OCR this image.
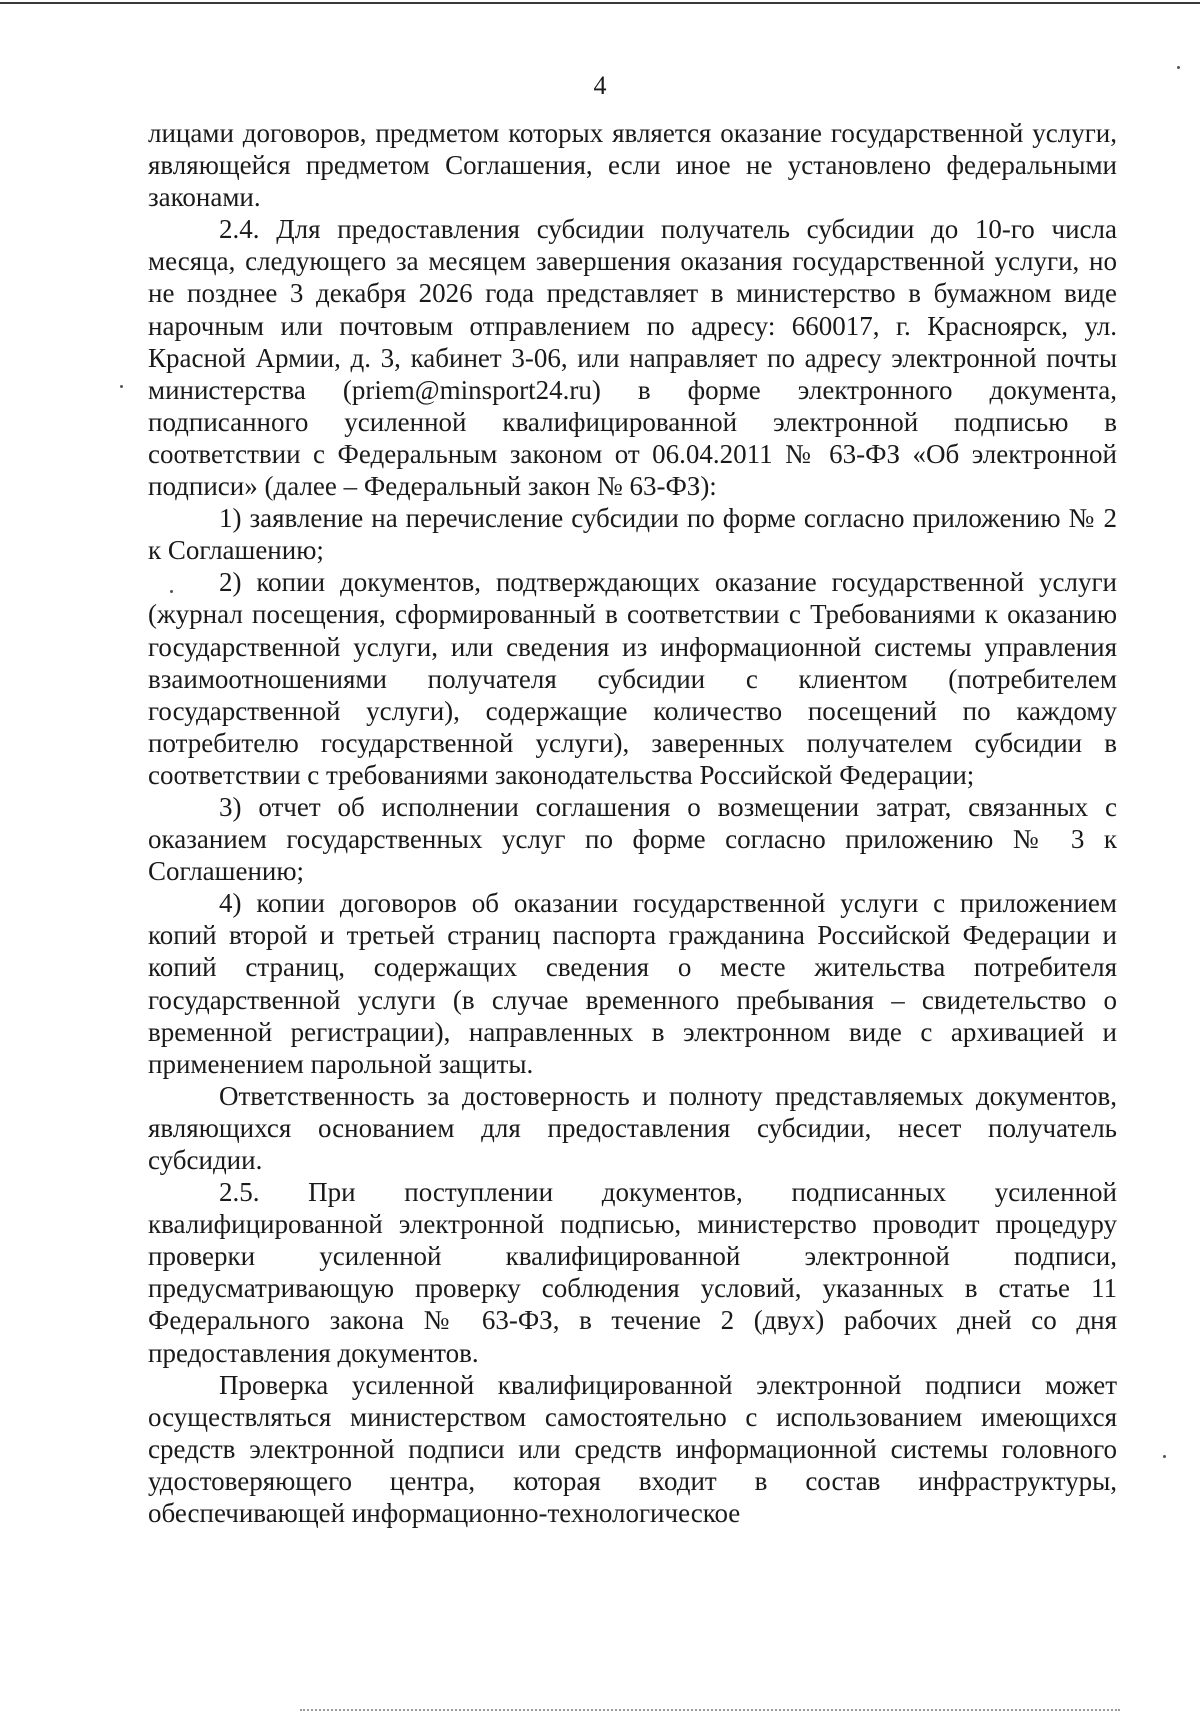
4

лицами договоров, предметом которых является оказание государственной услуги, являющейся предметом Соглашения, если иное не установлено федеральными законами.

2.4. Для предоставления субсидии получатель субсидии до 10-го числа месяца, следующего за месяцем завершения оказания государственной услуги, но не позднее 3 декабря 2026 года представляет в министерство в бумажном виде нарочным или почтовым отправлением по адресу: 660017, г. Красноярск, ул. Красной Армии, д. 3, кабинет 3-06, или направляет по адресу электронной почты министерства (priem@minsport24.ru) в форме электронного документа, подписанного усиленной квалифицированной электронной подписью в соответствии с Федеральным законом от 06.04.2011 № 63-ФЗ «Об электронной подписи» (далее – Федеральный закон № 63-ФЗ):

1) заявление на перечисление субсидии по форме согласно приложению № 2 к Соглашению;

2) копии документов, подтверждающих оказание государственной услуги (журнал посещения, сформированный в соответствии с Требованиями к оказанию государственной услуги, или сведения из информационной системы управления взаимоотношениями получателя субсидии с клиентом (потребителем государственной услуги), содержащие количество посещений по каждому потребителю государственной услуги), заверенных получателем субсидии в соответствии с требованиями законодательства Российской Федерации;

3) отчет об исполнении соглашения о возмещении затрат, связанных с оказанием государственных услуг по форме согласно приложению № 3 к Соглашению;

4) копии договоров об оказании государственной услуги с приложением копий второй и третьей страниц паспорта гражданина Российской Федерации и копий страниц, содержащих сведения о месте жительства потребителя государственной услуги (в случае временного пребывания – свидетельство о временной регистрации), направленных в электронном виде с архивацией и применением парольной защиты.

Ответственность за достоверность и полноту представляемых документов, являющихся основанием для предоставления субсидии, несет получатель субсидии.

2.5. При поступлении документов, подписанных усиленной квалифицированной электронной подписью, министерство проводит процедуру проверки усиленной квалифицированной электронной подписи, предусматривающую проверку соблюдения условий, указанных в статье 11 Федерального закона № 63-ФЗ, в течение 2 (двух) рабочих дней со дня предоставления документов.

Проверка усиленной квалифицированной электронной подписи может осуществляться министерством самостоятельно с использованием имеющихся средств электронной подписи или средств информационной системы головного удостоверяющего центра, которая входит в состав инфраструктуры, обеспечивающей информационно-технологическое
